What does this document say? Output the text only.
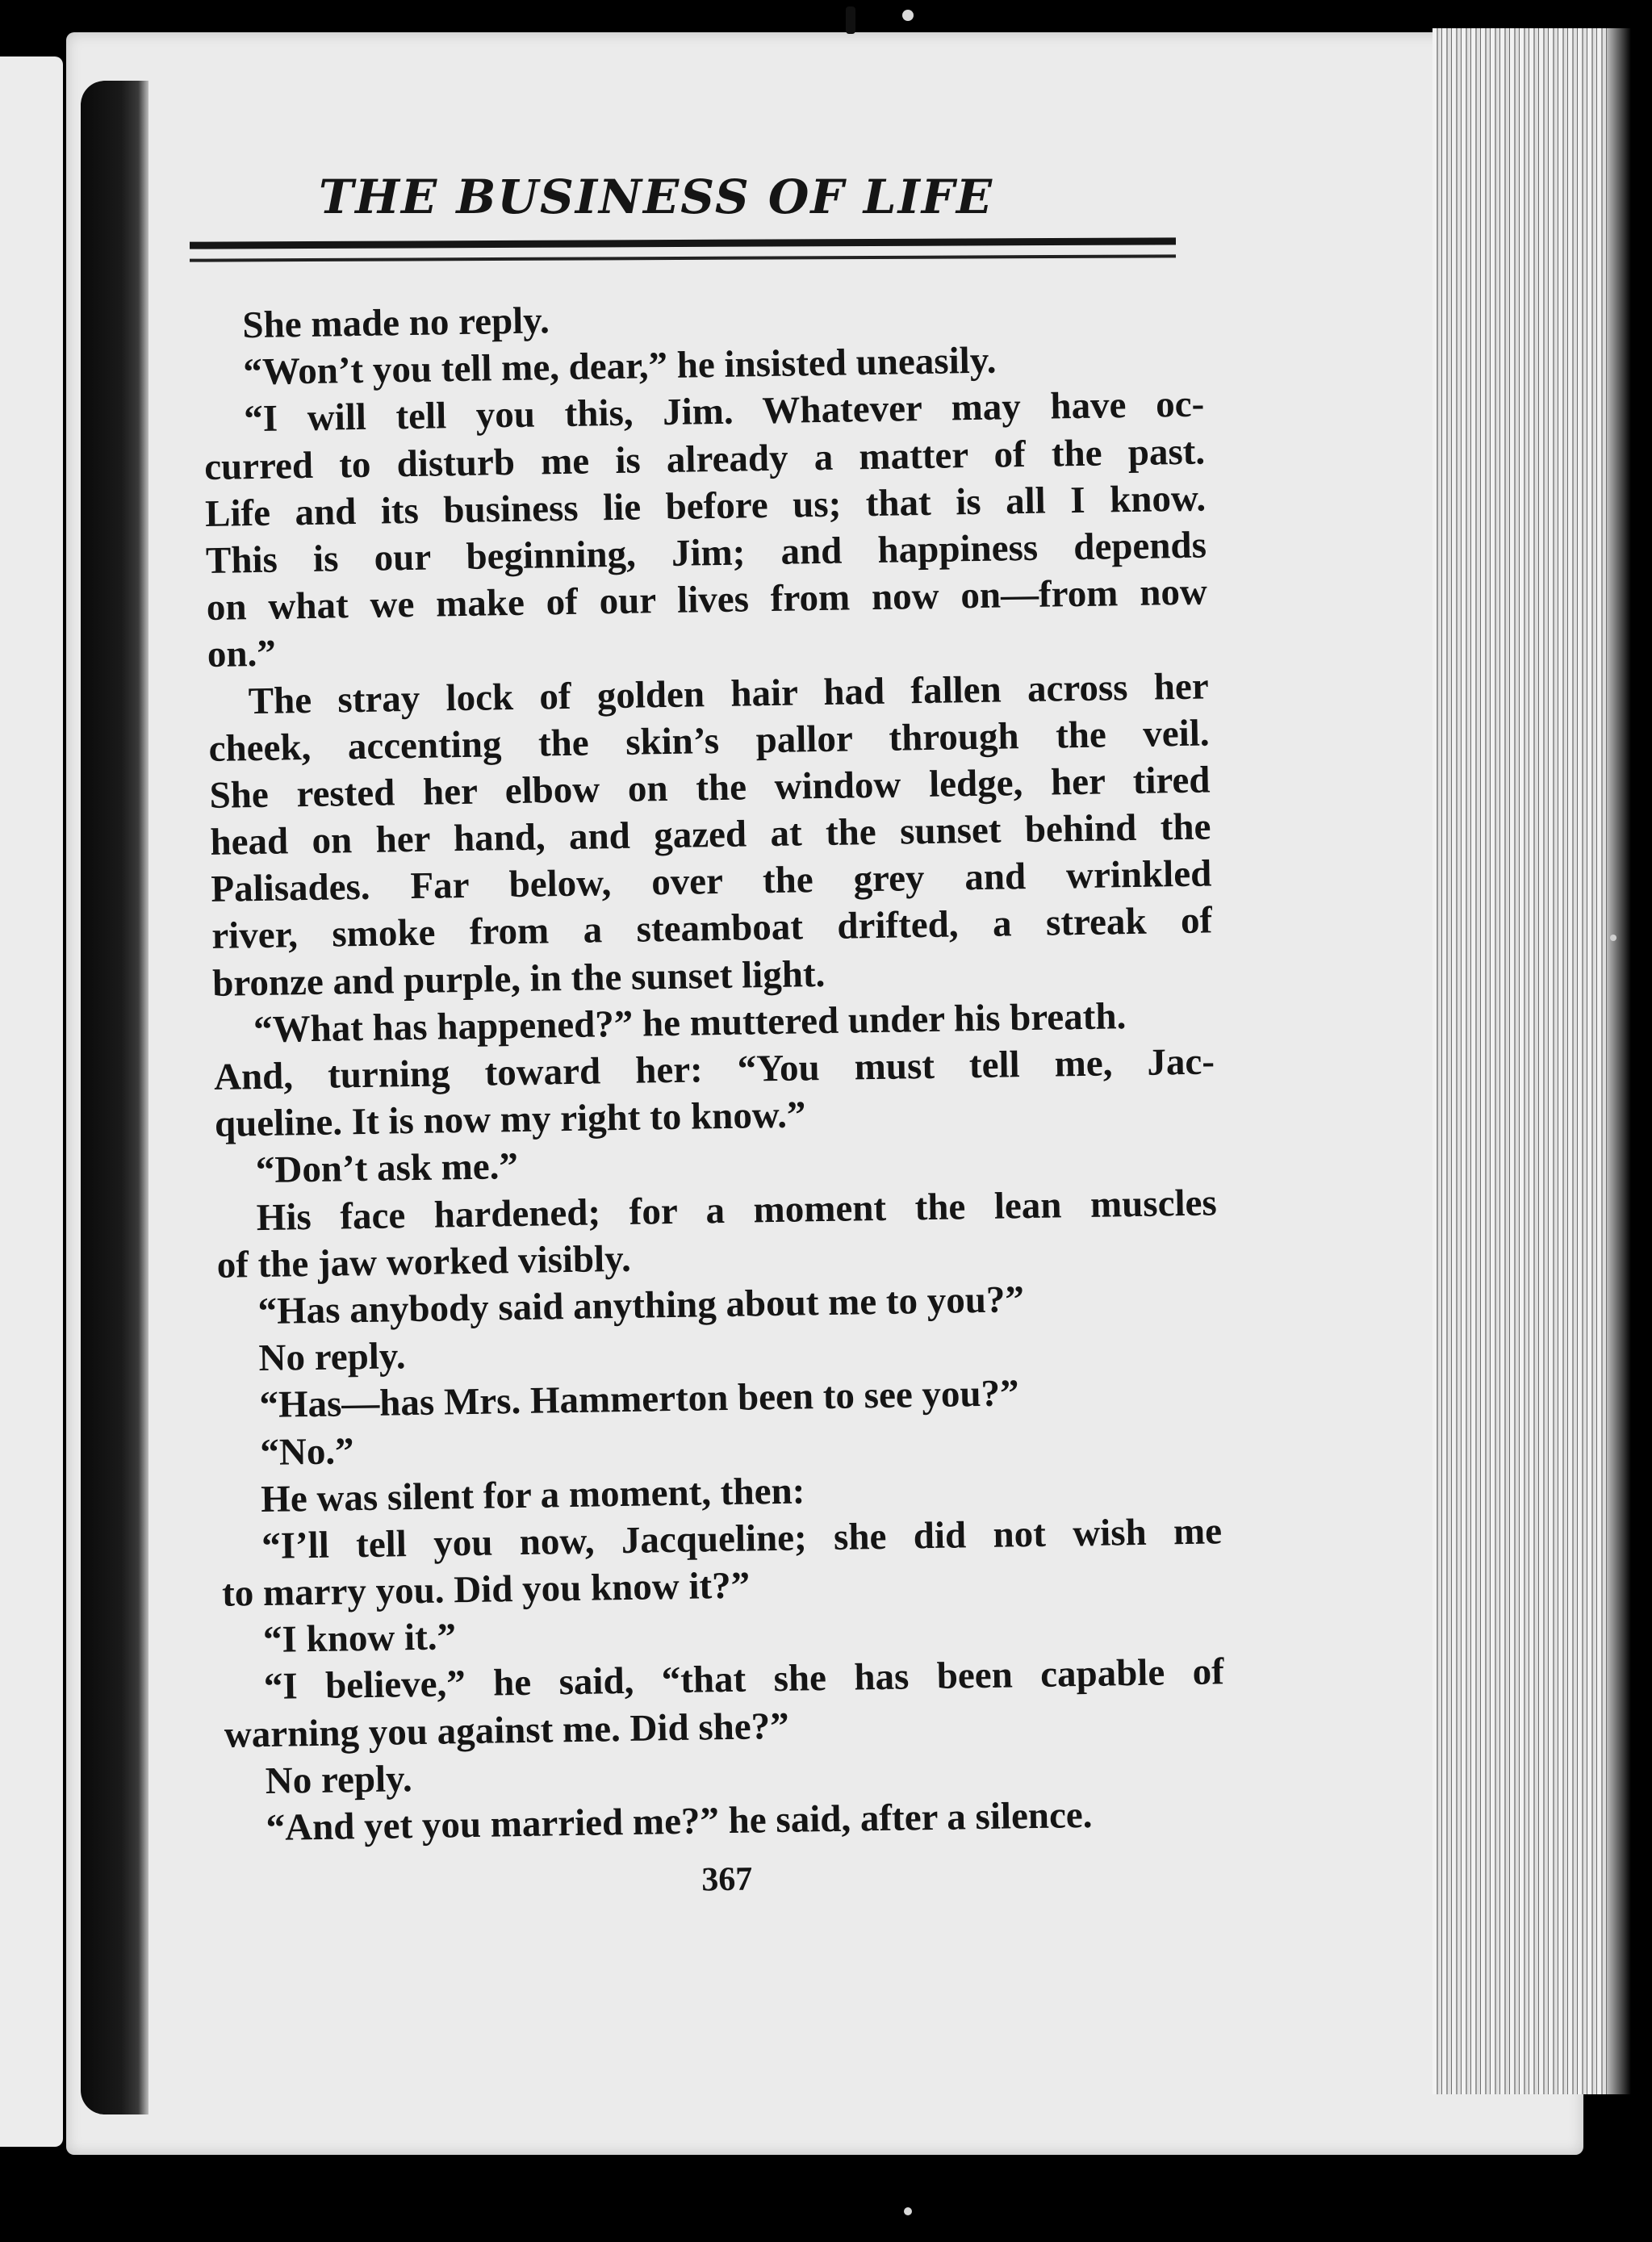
THE BUSINESS OF LIFE
She made no reply.
“Won’t you tell me, dear,” he insisted uneasily.
“I will tell you this, Jim. Whatever may have oc-
curred to disturb me is already a matter of the past.
Life and its business lie before us; that is all I know.
This is our beginning, Jim; and happiness depends
on what we make of our lives from now on—from now
on.”
The stray lock of golden hair had fallen across her
cheek, accenting the skin’s pallor through the veil.
She rested her elbow on the window ledge, her tired
head on her hand, and gazed at the sunset behind the
Palisades. Far below, over the grey and wrinkled
river, smoke from a steamboat drifted, a streak of
bronze and purple, in the sunset light.
“What has happened?” he muttered under his breath.
And, turning toward her: “You must tell me, Jac-
queline. It is now my right to know.”
“Don’t ask me.”
His face hardened; for a moment the lean muscles
of the jaw worked visibly.
“Has anybody said anything about me to you?”
No reply.
“Has—has Mrs. Hammerton been to see you?”
“No.”
He was silent for a moment, then:
“I’ll tell you now, Jacqueline; she did not wish me
to marry you. Did you know it?”
“I know it.”
“I believe,” he said, “that she has been capable of
warning you against me. Did she?”
No reply.
“And yet you married me?” he said, after a silence.
367
